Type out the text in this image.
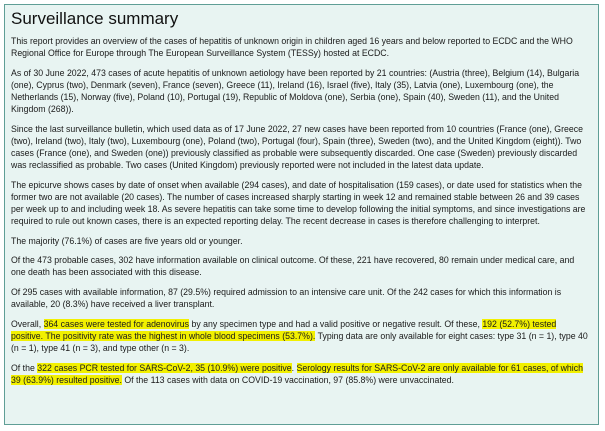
Surveillance summary

This report provides an overview of the cases of hepatitis of unknown origin in children aged 16 years and below reported to ECDC and the WHO Regional Office for Europe through The European Surveillance System (TESSy) hosted at ECDC.

As of 30 June 2022, 473 cases of acute hepatitis of unknown aetiology have been reported by 21 countries: (Austria (three), Belgium (14), Bulgaria (one), Cyprus (two), Denmark (seven), France (seven), Greece (11), Ireland (16), Israel (five), Italy (35), Latvia (one), Luxembourg (one), the Netherlands (15), Norway (five), Poland (10), Portugal (19), Republic of Moldova (one), Serbia (one), Spain (40), Sweden (11), and the United Kingdom (268)).

Since the last surveillance bulletin, which used data as of 17 June 2022, 27 new cases have been reported from 10 countries (France (one), Greece (two), Ireland (two), Italy (two), Luxembourg (one), Poland (two), Portugal (four), Spain (three), Sweden (two), and the United Kingdom (eight)). Two cases (France (one), and Sweden (one)) previously classified as probable were subsequently discarded. One case (Sweden) previously discarded was reclassified as probable. Two cases (United Kingdom) previously reported were not included in the latest data update.

The epicurve shows cases by date of onset when available (294 cases), and date of hospitalisation (159 cases), or date used for statistics when the former two are not available (20 cases). The number of cases increased sharply starting in week 12 and remained stable between 26 and 39 cases per week up to and including week 18. As severe hepatitis can take some time to develop following the initial symptoms, and since investigations are required to rule out known cases, there is an expected reporting delay. The recent decrease in cases is therefore challenging to interpret.

The majority (76.1%) of cases are five years old or younger.

Of the 473 probable cases, 302 have information available on clinical outcome. Of these, 221 have recovered, 80 remain under medical care, and one death has been associated with this disease.

Of 295 cases with available information, 87 (29.5%) required admission to an intensive care unit. Of the 242 cases for which this information is available, 20 (8.3%) have received a liver transplant.

Overall, 364 cases were tested for adenovirus by any specimen type and had a valid positive or negative result. Of these, 192 (52.7%) tested positive. The positivity rate was the highest in whole blood specimens (53.7%). Typing data are only available for eight cases: type 31 (n = 1), type 40 (n = 1), type 41 (n = 3), and type other (n = 3).

Of the 322 cases PCR tested for SARS-CoV-2, 35 (10.9%) were positive. Serology results for SARS-CoV-2 are only available for 61 cases, of which 39 (63.9%) resulted positive. Of the 113 cases with data on COVID-19 vaccination, 97 (85.8%) were unvaccinated.
